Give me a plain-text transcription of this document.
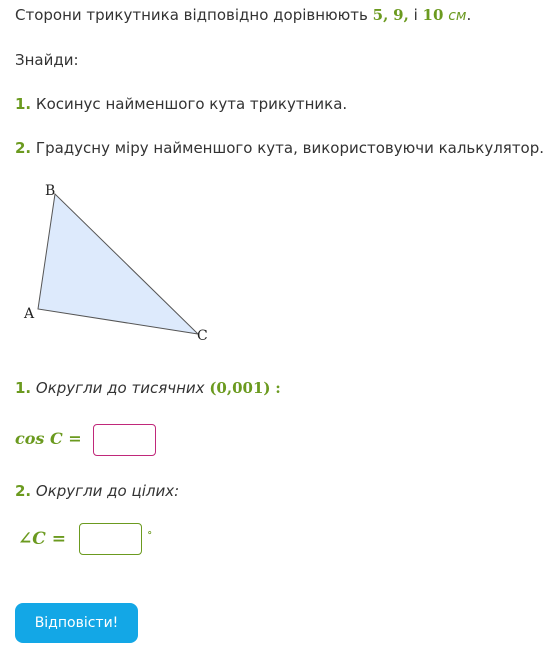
Сторони трикутника відповідно дорівнюють 5, 9, і 10 см.
Знайди:
1. Косинус найменшого кута трикутника.
2. Градусну міру найменшого кута, використовуючи калькулятор.
B
A
C
1. Округли до тисячних (0,001) :
cos C =
2. Округли до цілих:
∠C =	∘
Відповісти!
